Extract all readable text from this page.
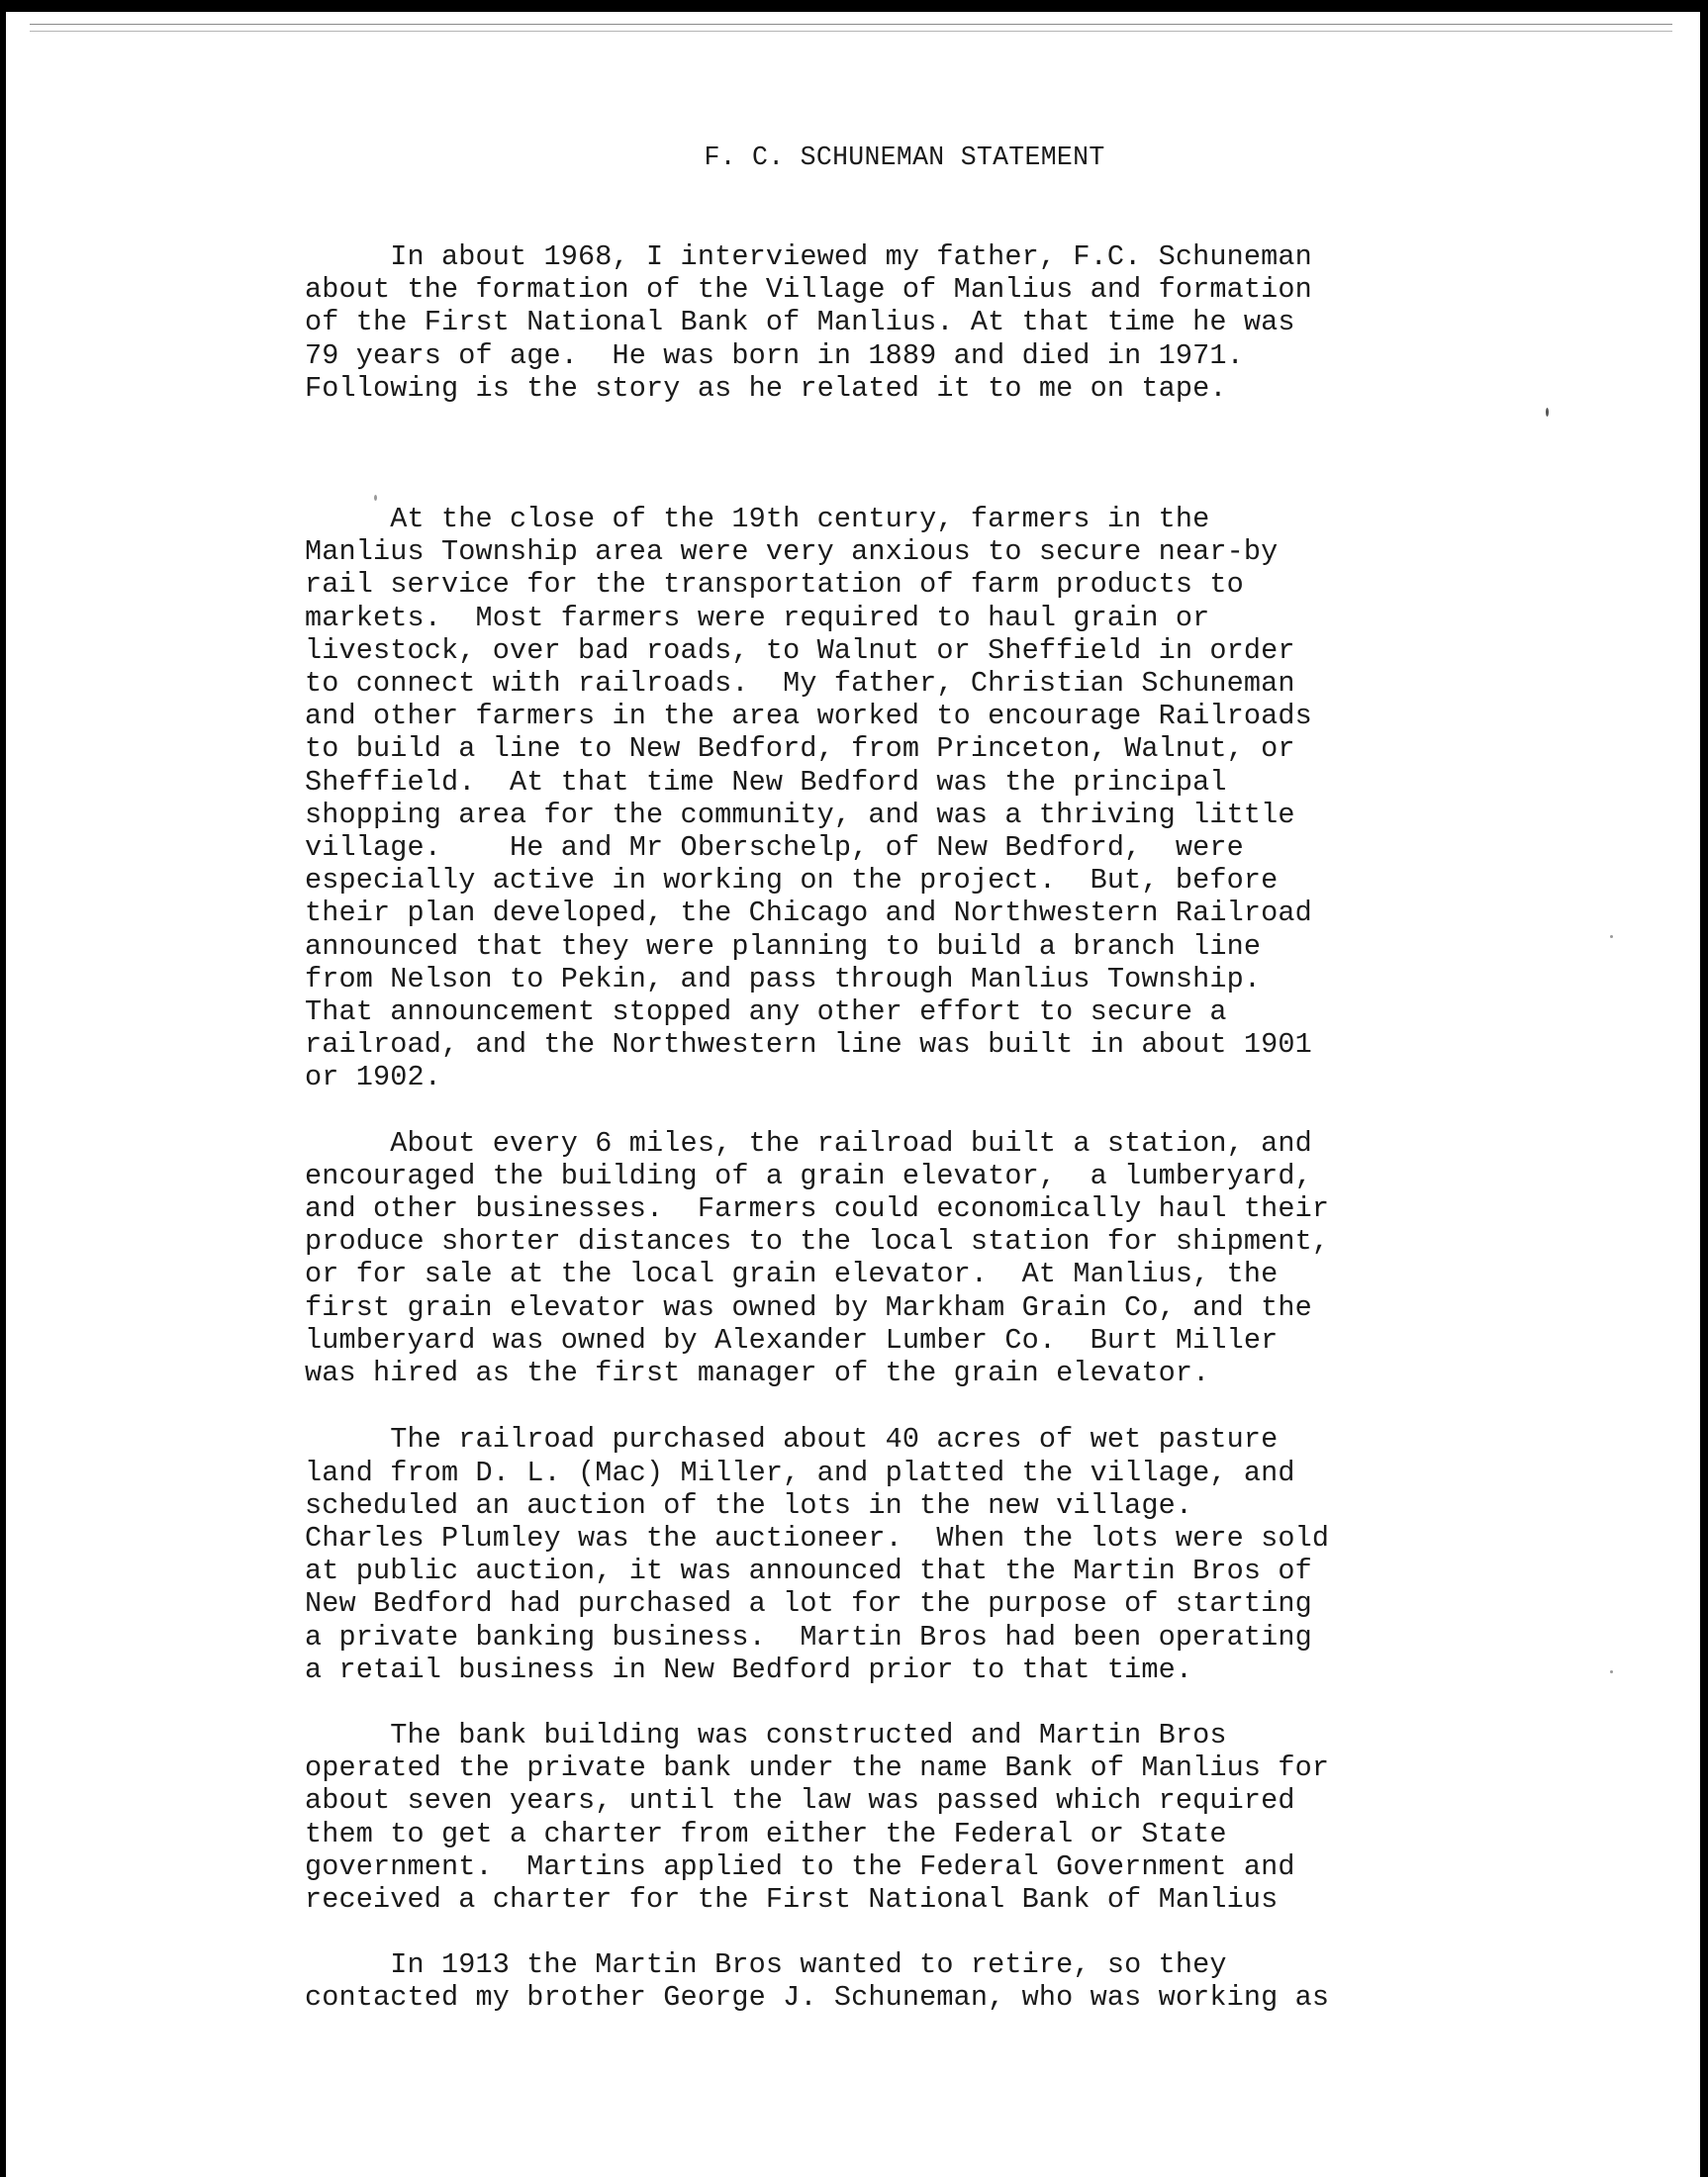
F. C. SCHUNEMAN STATEMENT

In about 1968, I interviewed my father, F.C. Schuneman
about the formation of the Village of Manlius and formation
of the First National Bank of Manlius. At that time he was
79 years of age.  He was born in 1889 and died in 1971.
Following is the story as he related it to me on tape.

At the close of the 19th century, farmers in the
Manlius Township area were very anxious to secure near-by
rail service for the transportation of farm products to
markets.  Most farmers were required to haul grain or
livestock, over bad roads, to Walnut or Sheffield in order
to connect with railroads.  My father, Christian Schuneman
and other farmers in the area worked to encourage Railroads
to build a line to New Bedford, from Princeton, Walnut, or
Sheffield.  At that time New Bedford was the principal
shopping area for the community, and was a thriving little
village.    He and Mr Oberschelp, of New Bedford,  were
especially active in working on the project.  But, before
their plan developed, the Chicago and Northwestern Railroad
announced that they were planning to build a branch line
from Nelson to Pekin, and pass through Manlius Township.
That announcement stopped any other effort to secure a
railroad, and the Northwestern line was built in about 1901
or 1902.

About every 6 miles, the railroad built a station, and
encouraged the building of a grain elevator,  a lumberyard,
and other businesses.  Farmers could economically haul their
produce shorter distances to the local station for shipment,
or for sale at the local grain elevator.  At Manlius, the
first grain elevator was owned by Markham Grain Co, and the
lumberyard was owned by Alexander Lumber Co.  Burt Miller
was hired as the first manager of the grain elevator.

The railroad purchased about 40 acres of wet pasture
land from D. L. (Mac) Miller, and platted the village, and
scheduled an auction of the lots in the new village.
Charles Plumley was the auctioneer.  When the lots were sold
at public auction, it was announced that the Martin Bros of
New Bedford had purchased a lot for the purpose of starting
a private banking business.  Martin Bros had been operating
a retail business in New Bedford prior to that time.

The bank building was constructed and Martin Bros
operated the private bank under the name Bank of Manlius for
about seven years, until the law was passed which required
them to get a charter from either the Federal or State
government.  Martins applied to the Federal Government and
received a charter for the First National Bank of Manlius

In 1913 the Martin Bros wanted to retire, so they
contacted my brother George J. Schuneman, who was working as
